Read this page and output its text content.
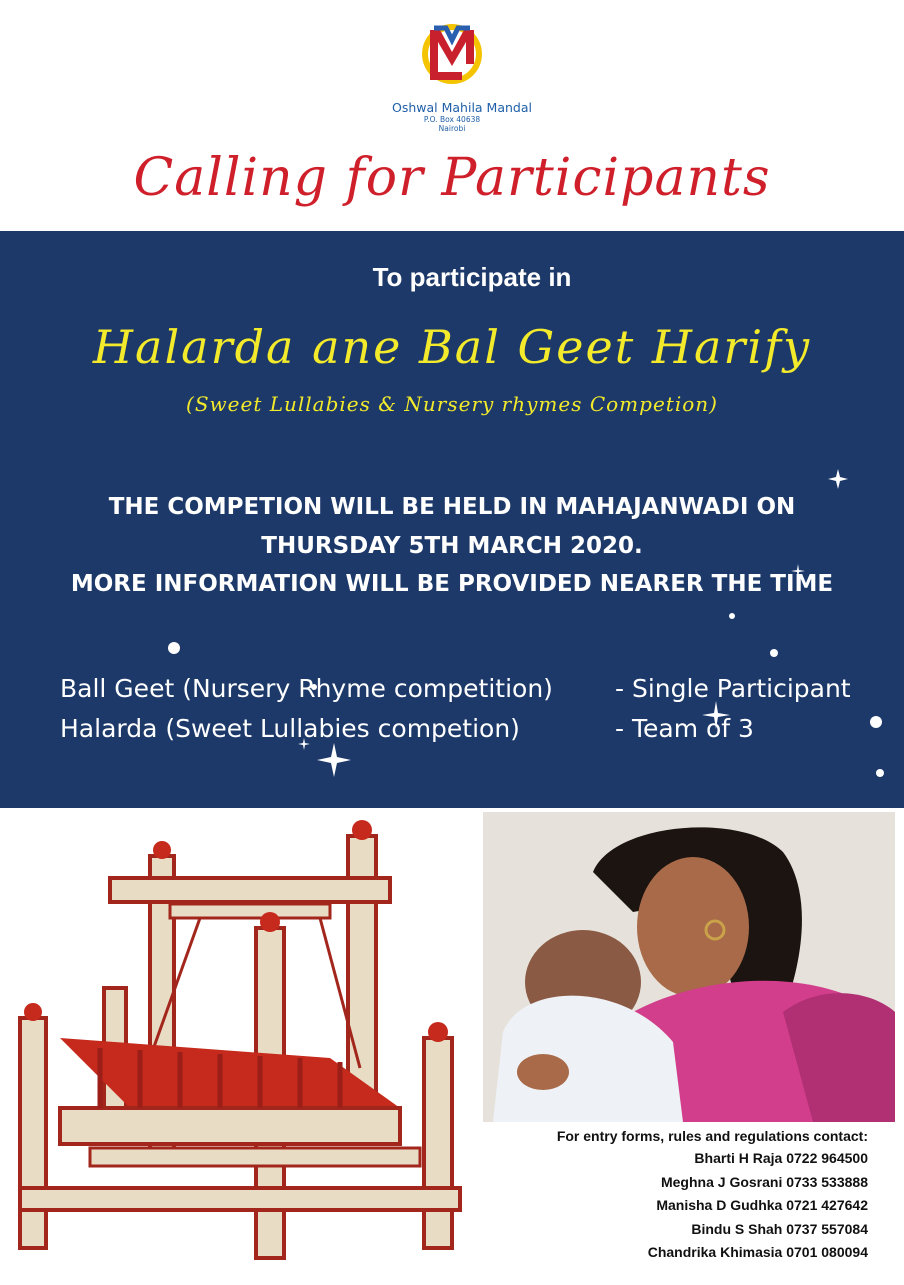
Oshwal Mahila Mandal
P.O. Box 40638
Nairobi
Calling for Participants
To participate in
Halarda ane Bal Geet Harify
(Sweet Lullabies & Nursery rhymes Competion)
THE COMPETION WILL BE HELD IN MAHAJANWADI ON
THURSDAY 5TH MARCH 2020.
MORE INFORMATION WILL BE PROVIDED NEARER THE TIME
Ball Geet (Nursery Rhyme competition) - Single Participant
Halarda (Sweet Lullabies competion)	- Team of 3
For entry forms, rules and regulations contact:
Bharti H Raja 0722 964500
Meghna J Gosrani 0733 533888
Manisha D Gudhka 0721 427642
Bindu S Shah 0737 557084
Chandrika Khimasia 0701 080094
